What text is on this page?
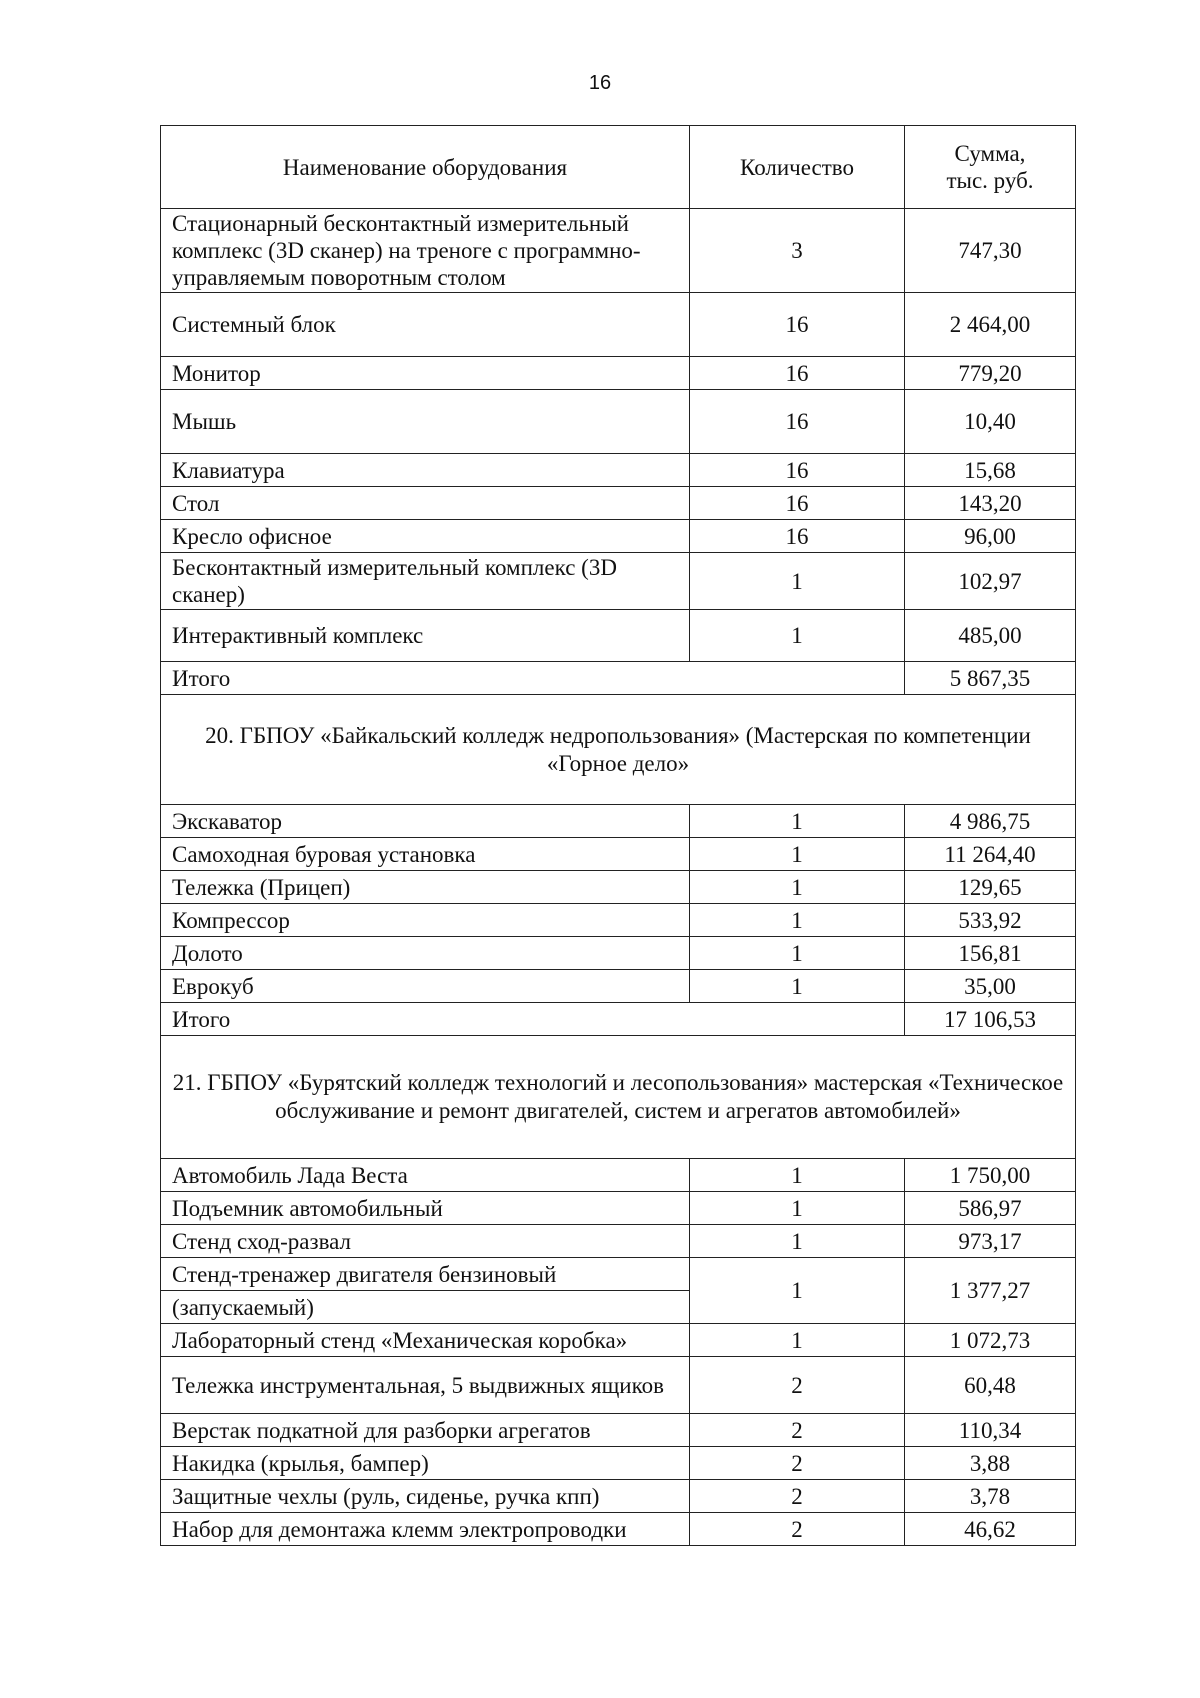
16
Наименование оборудования	Количество	Сумма,
тыс. руб.
Стационарный бесконтактный измерительный комплекс (3D сканер) на треноге с программно-управляемым поворотным столом	3	747,30
Системный блок	16	2 464,00
Монитор	16	779,20
Мышь	16	10,40
Клавиатура	16	15,68
Стол	16	143,20
Кресло офисное	16	96,00
Бесконтактный измерительный комплекс (3D сканер)	1	102,97
Интерактивный комплекс	1	485,00
Итого		5 867,35
20. ГБПОУ «Байкальский колледж недропользования» (Мастерская по компетенции «Горное дело»		
Экскаватор	1	4 986,75
Самоходная буровая установка	1	11 264,40
Тележка (Прицеп)	1	129,65
Компрессор	1	533,92
Долото	1	156,81
Еврокуб	1	35,00
Итого		17 106,53
21. ГБПОУ «Бурятский колледж технологий и лесопользования» мастерская «Техническое обслуживание и ремонт двигателей, систем и агрегатов автомобилей»		
Автомобиль Лада Веста	1	1 750,00
Подъемник автомобильный	1	586,97
Стенд сход-развал	1	973,17
Стенд-тренажер двигателя бензиновый	1	1 377,27
(запускаемый)		
Лабораторный стенд «Механическая коробка»	1	1 072,73
Тележка инструментальная, 5 выдвижных ящиков	2	60,48
Верстак подкатной для разборки агрегатов	2	110,34
Накидка (крылья, бампер)	2	3,88
Защитные чехлы (руль, сиденье, ручка кпп)	2	3,78
Набор для демонтажа клемм электропроводки	2	46,62
